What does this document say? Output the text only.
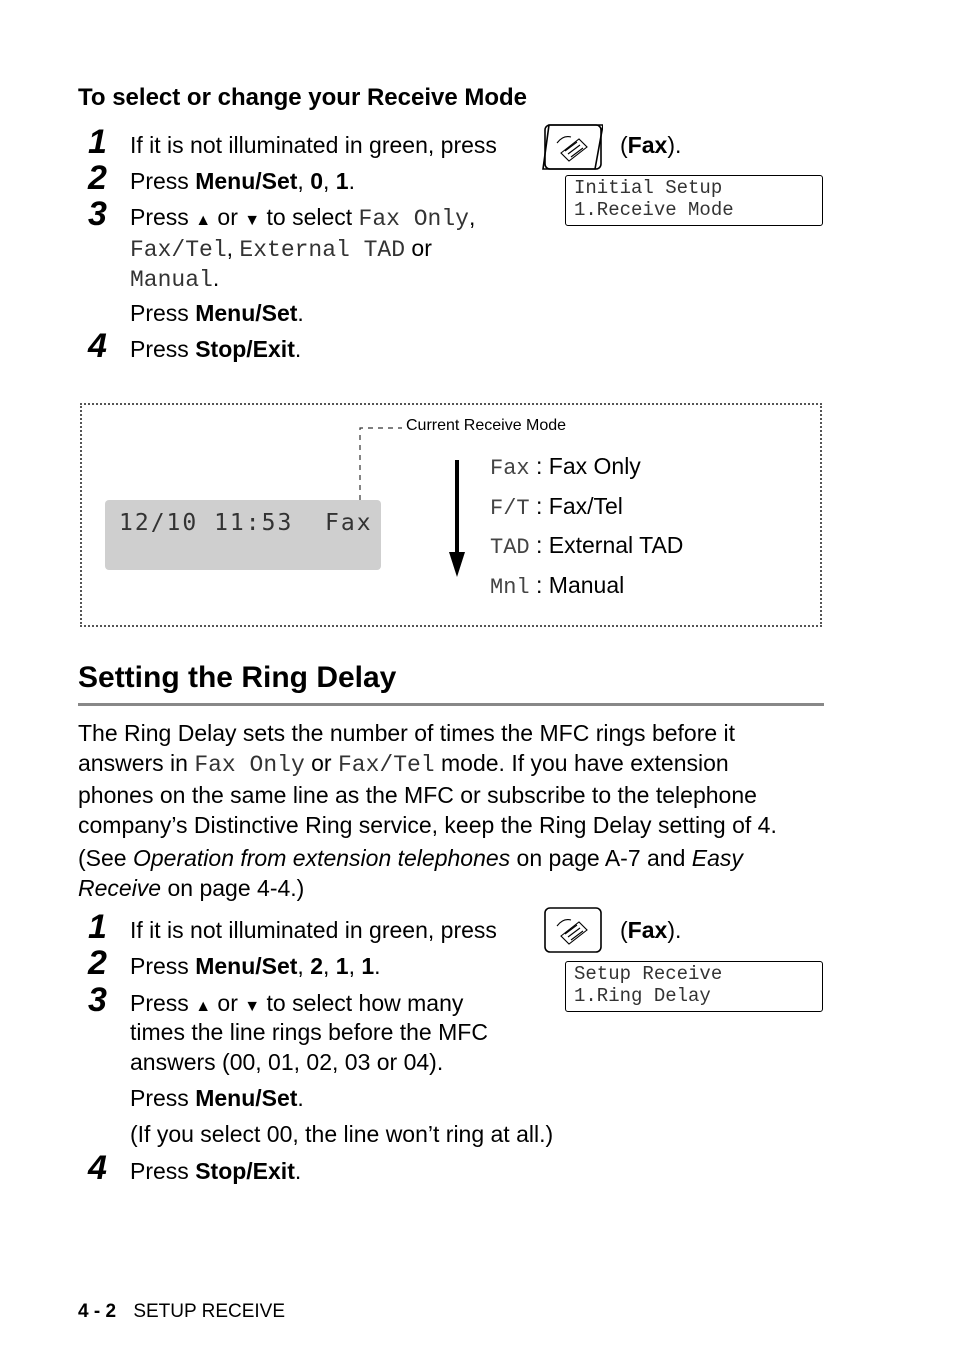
To select or change your Receive Mode
1 If it is not illuminated in green, press	(Fax).
2 Press Menu/Set, 0, 1.	Initial Setup
1.Receive Mode
3 Press ▲ or ▼ to select Fax Only,
Fax/Tel, External TAD or
Manual.
Press Menu/Set.
4 Press Stop/Exit.
Current Receive Mode
12/10 11:53  Fax
Fax : Fax Only
F/T : Fax/Tel
TAD : External TAD
Mnl : Manual
Setting the Ring Delay
The Ring Delay sets the number of times the MFC rings before it
answers in Fax Only or Fax/Tel mode. If you have extension
phones on the same line as the MFC or subscribe to the telephone
company’s Distinctive Ring service, keep the Ring Delay setting of 4.
(See Operation from extension telephones on page A-7 and Easy
Receive on page 4-4.)
1 If it is not illuminated in green, press	(Fax).
2 Press Menu/Set, 2, 1, 1.	Setup Receive
1.Ring Delay
3 Press ▲ or ▼ to select how many
times the line rings before the MFC
answers (00, 01, 02, 03 or 04).
Press Menu/Set.
(If you select 00, the line won’t ring at all.)
4 Press Stop/Exit.
4 - 2 SETUP RECEIVE
